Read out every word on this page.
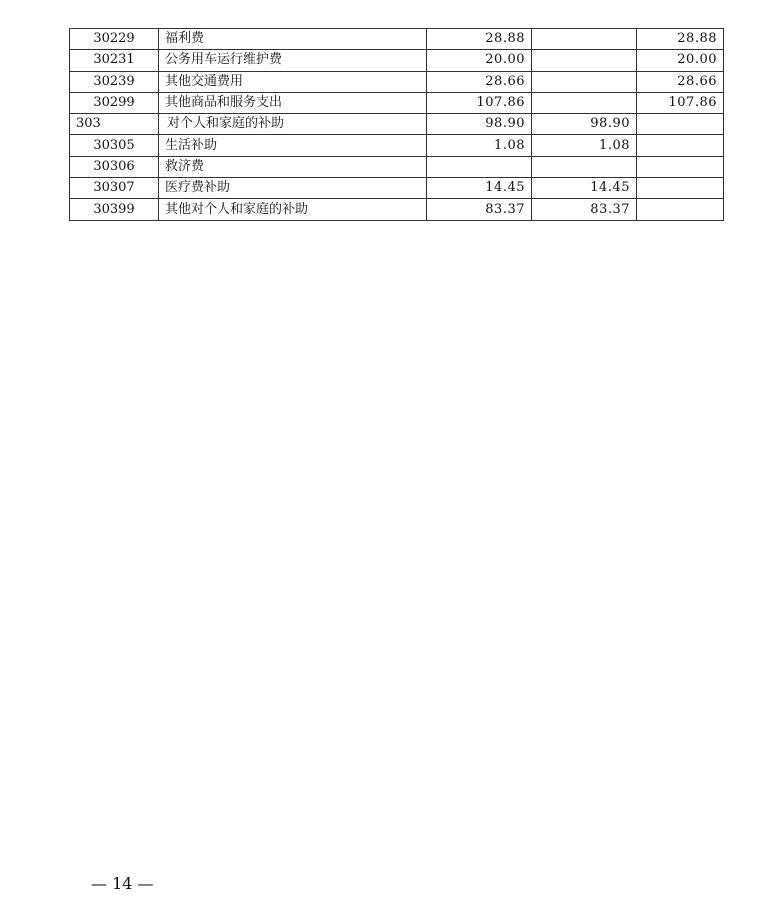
30229	福利费	28.88		28.88
30231	公务用车运行维护费	20.00		20.00
30239	其他交通费用	28.66		28.66
30299	其他商品和服务支出	107.86		107.86
303	对个人和家庭的补助	98.90	98.90	
30305	生活补助	1.08	1.08	
30306	救济费			
30307	医疗费补助	14.45	14.45	
30399	其他对个人和家庭的补助	83.37	83.37	
— 14 —
